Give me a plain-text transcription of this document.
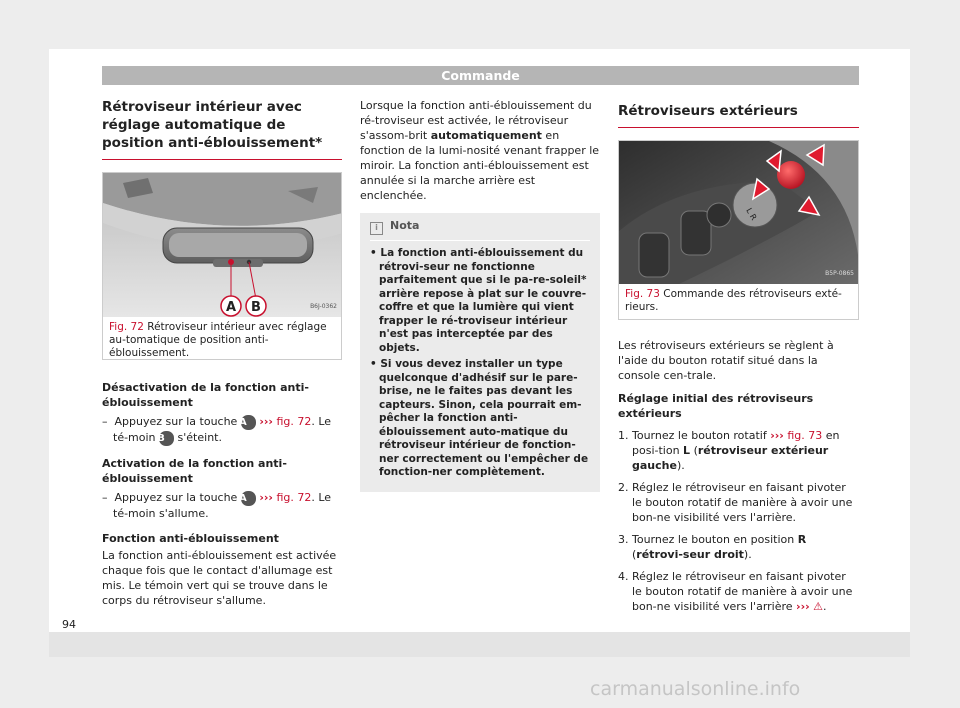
Commande
94
carmanualsonline.info
Rétroviseur intérieur avec réglage automatique de position anti-éblouissement*
A B	B6J-0362
Fig. 72 Rétroviseur intérieur avec réglage au-tomatique de position anti-éblouissement.

Désactivation de la fonction anti-éblouissement

– Appuyez sur la touche A ››› fig. 72. Le té-moin B s'éteint.

Activation de la fonction anti-éblouissement

– Appuyez sur la touche A ››› fig. 72. Le té-moin s'allume.

Fonction anti-éblouissement

La fonction anti-éblouissement est activée chaque fois que le contact d'allumage est mis. Le témoin vert qui se trouve dans le corps du rétroviseur s'allume.

Lorsque la fonction anti-éblouissement du ré-troviseur est activée, le rétroviseur s'assom-brit automatiquement en fonction de la lumi-nosité venant frapper le miroir. La fonction anti-éblouissement est annulée si la marche arrière est enclenchée.

i Nota
• La fonction anti-éblouissement du rétrovi-seur ne fonctionne parfaitement que si le pa-re-soleil* arrière repose à plat sur le couvre-coffre et que la lumière qui vient frapper le ré-troviseur intérieur n'est pas interceptée par des objets.
• Si vous devez installer un type quelconque d'adhésif sur le pare-brise, ne le faites pas devant les capteurs. Sinon, cela pourrait em-pêcher la fonction anti-éblouissement auto-matique du rétroviseur intérieur de fonction-ner correctement ou l'empêcher de fonction-ner complètement.
Rétroviseurs extérieurs
L R
B5P-0865
Fig. 73 Commande des rétroviseurs exté-rieurs.

Les rétroviseurs extérieurs se règlent à l'aide du bouton rotatif situé dans la console cen-trale.

Réglage initial des rétroviseurs extérieurs

1. Tournez le bouton rotatif ››› fig. 73 en posi-tion L (rétroviseur extérieur gauche).
2. Réglez le rétroviseur en faisant pivoter le bouton rotatif de manière à avoir une bon-ne visibilité vers l'arrière.
3. Tournez le bouton en position R (rétrovi-seur droit).
4. Réglez le rétroviseur en faisant pivoter le bouton rotatif de manière à avoir une bon-ne visibilité vers l'arrière ››› ⚠.
